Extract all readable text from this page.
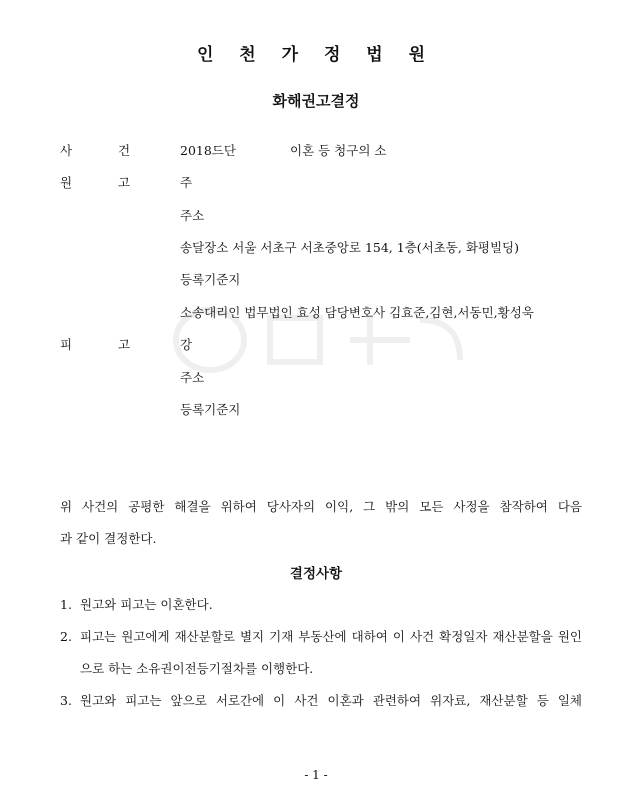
인 천 가 정 법 원
화해권고결정
사	건	2018드단	이혼 등 청구의 소
원	고	주
주소
송달장소 서울 서초구 서초중앙로 154, 1층(서초동, 화평빌딩)
등록기준지
소송대리인 법무법인 효성 담당변호사 김효준,김현,서동민,황성욱
피	고	강
주소
등록기준지
위 사건의 공평한 해결을 위하여 당사자의 이익, 그 밖의 모든 사정을 참작하여 다음
과 같이 결정한다.
결정사항
1. 원고와 피고는 이혼한다.
2. 피고는 원고에게 재산분할로 별지 기재 부동산에 대하여 이 사건 확정일자 재산분할을 원인으로 하는 소유권이전등기절차를 이행한다.
3. 원고와 피고는 앞으로 서로간에 이 사건 이혼과 관련하여 위자료, 재산분할 등 일체
- 1 -
